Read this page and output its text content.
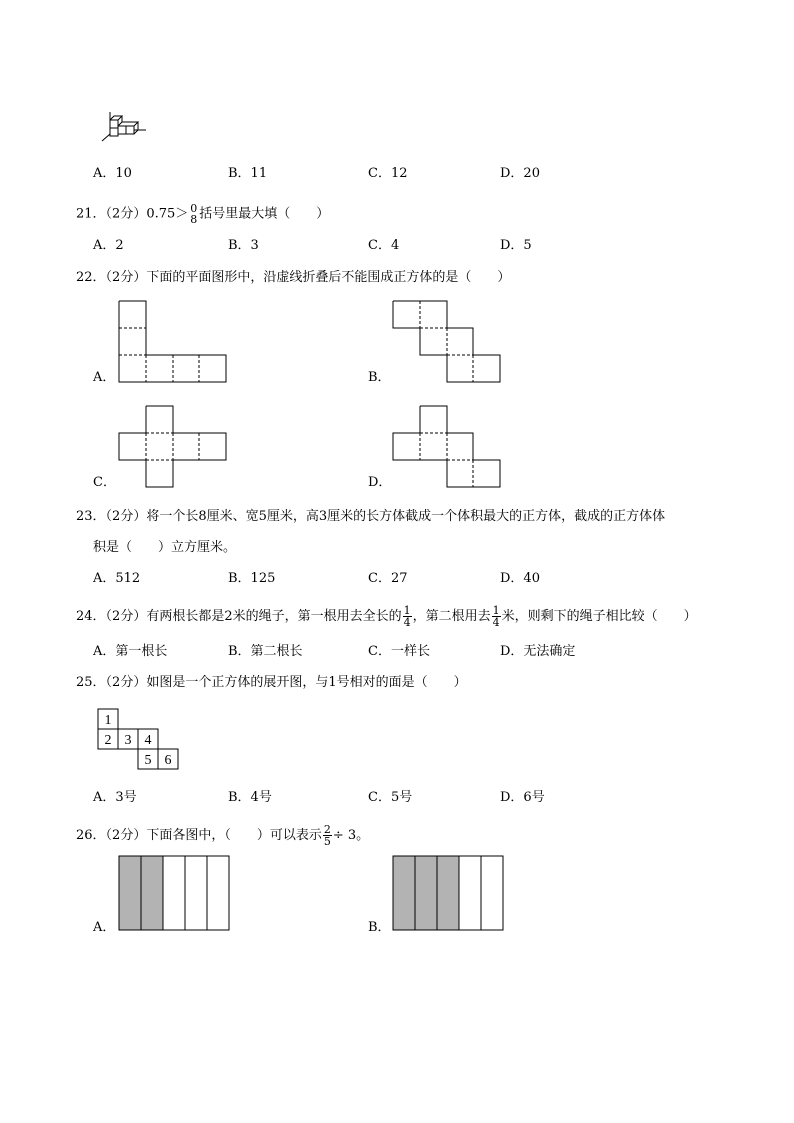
A．10	B．11	C．12	D．20
21．（2分）0.75＞ 0
8 括号里最大填（　　）
A．2	B．3	C．4	D．5
22．（2分）下面的平面图形中，沿虚线折叠后不能围成正方体的是（　　）
A．	B．
C．	D．
23．（2分）将一个长8厘米、宽5厘米，高3厘米的长方体截成一个体积最大的正方体，截成的正方体体
积是（　　）立方厘米。
A．512	B．125	C．27	D．40
24．（2分）有两根长都是2米的绳子，第一根用去全长的 $\frac{1}{4}$ ，第二根用去 $\frac{1}{4}$ 米，则剩下的绳子相比较（　　）
A．第一根长	B．第二根长	C．一样长	D．无法确定
25．（2分）如图是一个正方体的展开图，与1号相对的面是（　　）
1
2 3 4
5 6
A．3号	B．4号	C．5号	D．6号
26．（2分）下面各图中，（　　）可以表示 $\frac{2}{5} \div 3$。
A．	B．
